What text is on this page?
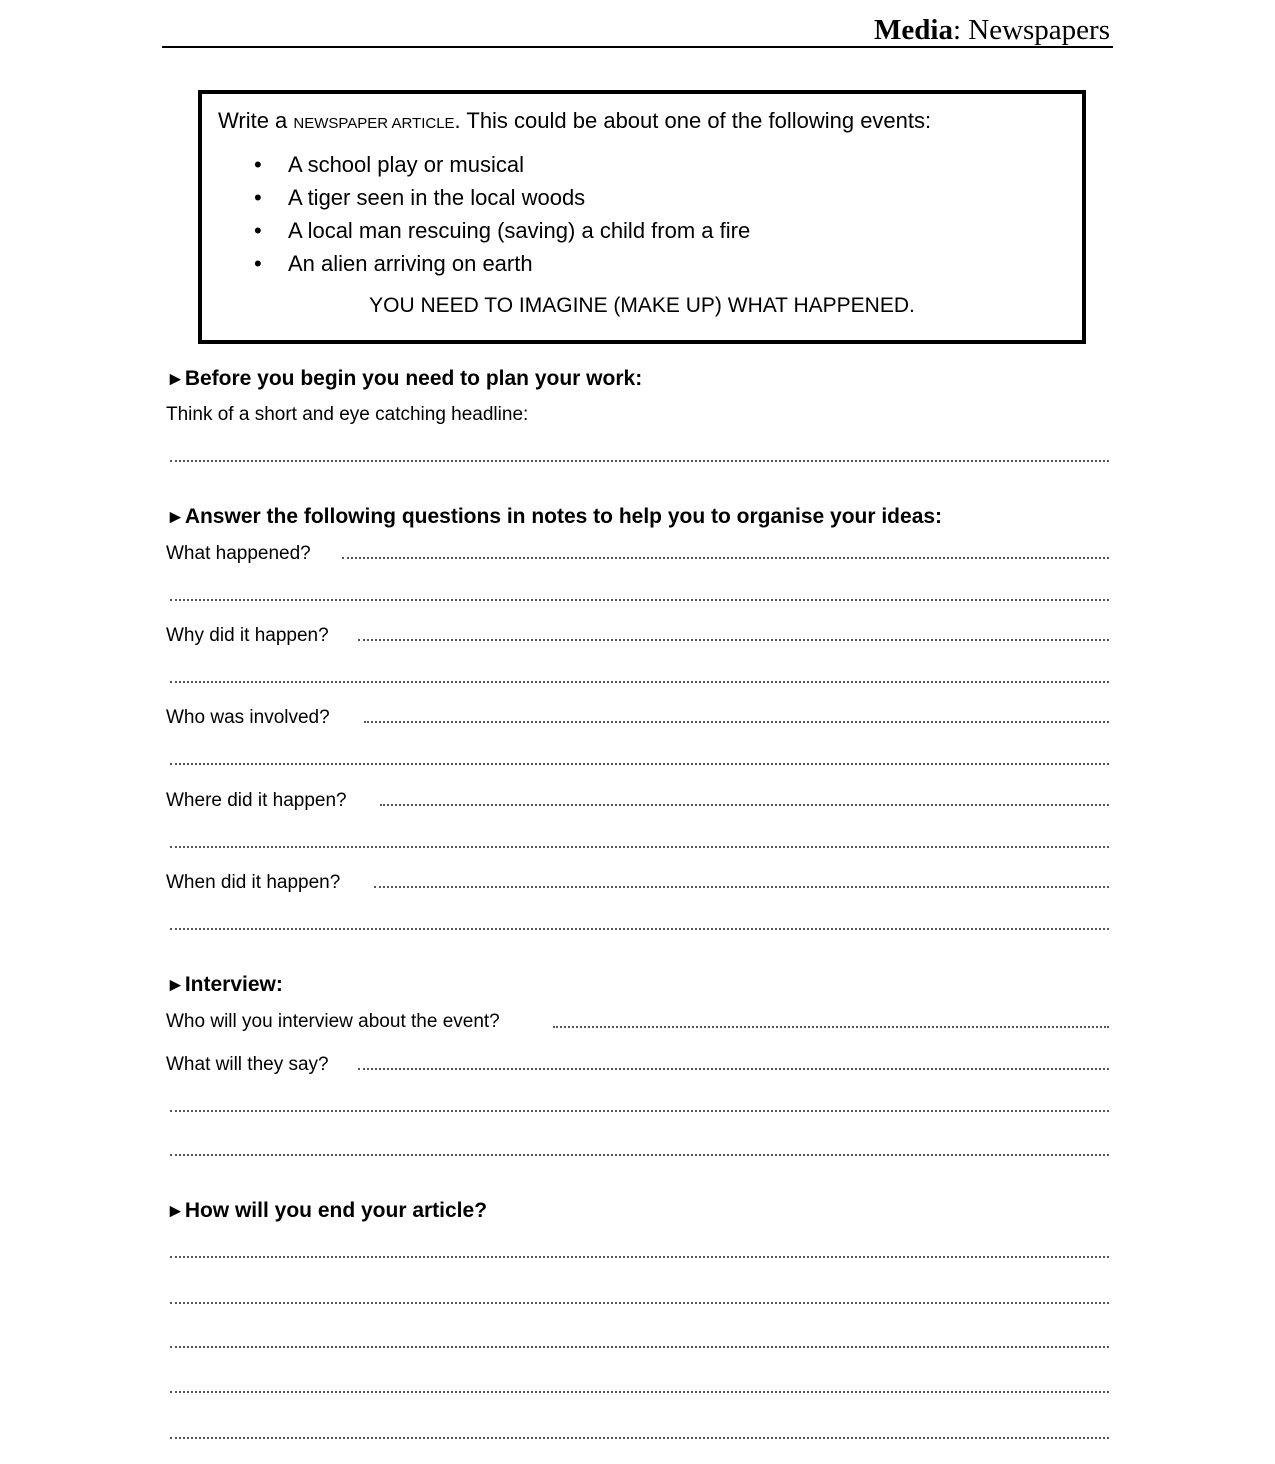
Media: Newspapers
Write a NEWSPAPER ARTICLE. This could be about one of the following events:
• A school play or musical
• A tiger seen in the local woods
• A local man rescuing (saving) a child from a fire
• An alien arriving on earth
YOU NEED TO IMAGINE (MAKE UP) WHAT HAPPENED.
►Before you begin you need to plan your work:
Think of a short and eye catching headline:
►Answer the following questions in notes to help you to organise your ideas:
What happened?
Why did it happen?
Who was involved?
Where did it happen?
When did it happen?
►Interview:
Who will you interview about the event?
What will they say?
►How will you end your article?
